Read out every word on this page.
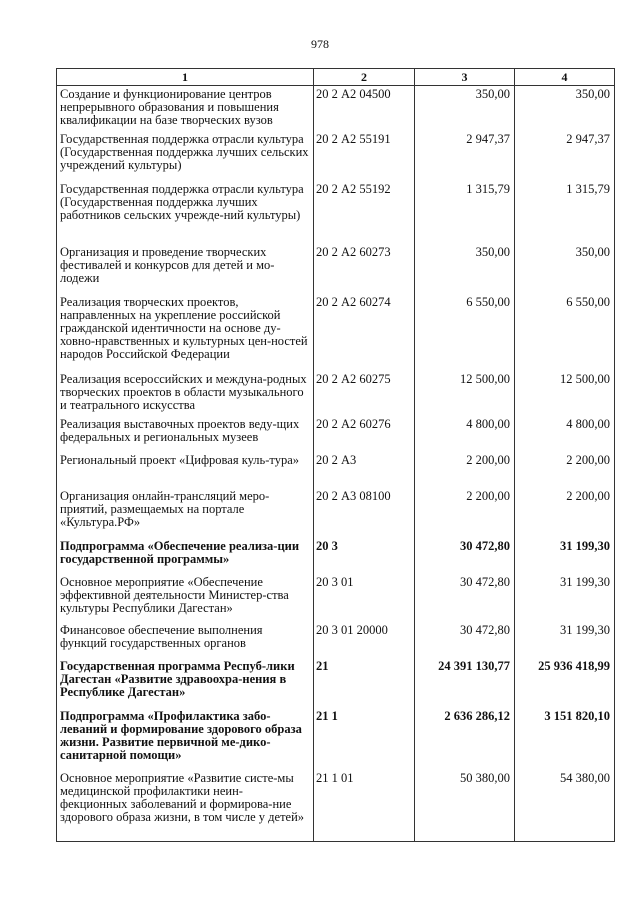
978
1	2	3	4
Создание и функционирование центров непрерывного образования и повышения квалификации на базе творческих вузов	20 2 А2 04500	350,00	350,00
Государственная поддержка отрасли культура (Государственная поддержка лучших сельских учреждений культуры)	20 2 А2 55191	2 947,37	2 947,37
Государственная поддержка отрасли культура (Государственная поддержка лучших работников сельских учрежде-ний культуры)	20 2 А2 55192	1 315,79	1 315,79
Организация и проведение творческих фестивалей и конкурсов для детей и мо-лодежи	20 2 А2 60273	350,00	350,00
Реализация творческих проектов, направленных на укрепление российской гражданской идентичности на основе ду-ховно-нравственных и культурных цен-ностей народов Российской Федерации	20 2 А2 60274	6 550,00	6 550,00
Реализация всероссийских и междуна-родных творческих проектов в области музыкального и театрального искусства	20 2 А2 60275	12 500,00	12 500,00
Реализация выставочных проектов веду-щих федеральных и региональных музеев	20 2 А2 60276	4 800,00	4 800,00
Региональный проект «Цифровая куль-тура»	20 2 А3	2 200,00	2 200,00
Организация онлайн-трансляций меро-приятий, размещаемых на портале «Культура.РФ»	20 2 А3 08100	2 200,00	2 200,00
Подпрограмма «Обеспечение реализа-ции государственной программы»	20 3	30 472,80	31 199,30
Основное мероприятие «Обеспечение эффективной деятельности Министер-ства культуры Республики Дагестан»	20 3 01	30 472,80	31 199,30
Финансовое обеспечение выполнения функций государственных органов	20 3 01 20000	30 472,80	31 199,30
Государственная программа Респуб-лики Дагестан «Развитие здравоохра-нения в Республике Дагестан»	21	24 391 130,77	25 936 418,99
Подпрограмма «Профилактика забо-леваний и формирование здорового образа жизни. Развитие первичной ме-дико-санитарной помощи»	21 1	2 636 286,12	3 151 820,10
Основное мероприятие «Развитие систе-мы медицинской профилактики неин-фекционных заболеваний и формирова-ние здорового образа жизни, в том числе у детей»	21 1 01	50 380,00	54 380,00
